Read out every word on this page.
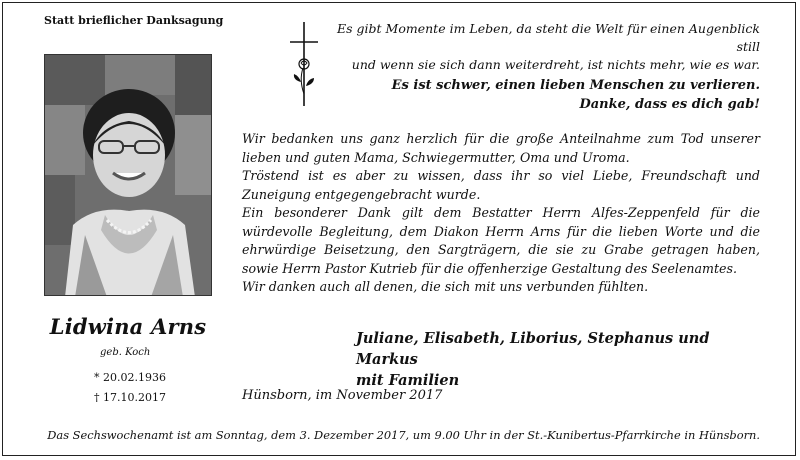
Statt brieflicher Danksagung
Lidwina Arns
geb. Koch
* 20.02.1936
† 17.10.2017
Es gibt Momente im Leben, da steht die Welt für einen Augenblick still
und wenn sie sich dann weiterdreht, ist nichts mehr, wie es war.
Es ist schwer, einen lieben Menschen zu verlieren.
Danke, dass es dich gab!

Wir bedanken uns ganz herzlich für die große Anteilnahme zum Tod unserer lieben und guten Mama, Schwiegermutter, Oma und Uroma.

Tröstend ist es aber zu wissen, dass ihr so viel Liebe, Freundschaft und Zuneigung entgegengebracht wurde.

Ein besonderer Dank gilt dem Bestatter Herrn Alfes-Zeppenfeld für die würdevolle Begleitung, dem Diakon Herrn Arns für die lieben Worte und die ehrwürdige Beisetzung, den Sargträgern, die sie zu Grabe getragen haben, sowie Herrn Pastor Kutrieb für die offenherzige Gestaltung des Seelenamtes.

Wir danken auch all denen, die sich mit uns verbunden fühlten.

Juliane, Elisabeth, Liborius, Stephanus und Markus
mit Familien
Hünsborn, im November 2017
Das Sechswochenamt ist am Sonntag, dem 3. Dezember 2017, um 9.00 Uhr in der St.-Kunibertus-Pfarrkirche in Hünsborn.
